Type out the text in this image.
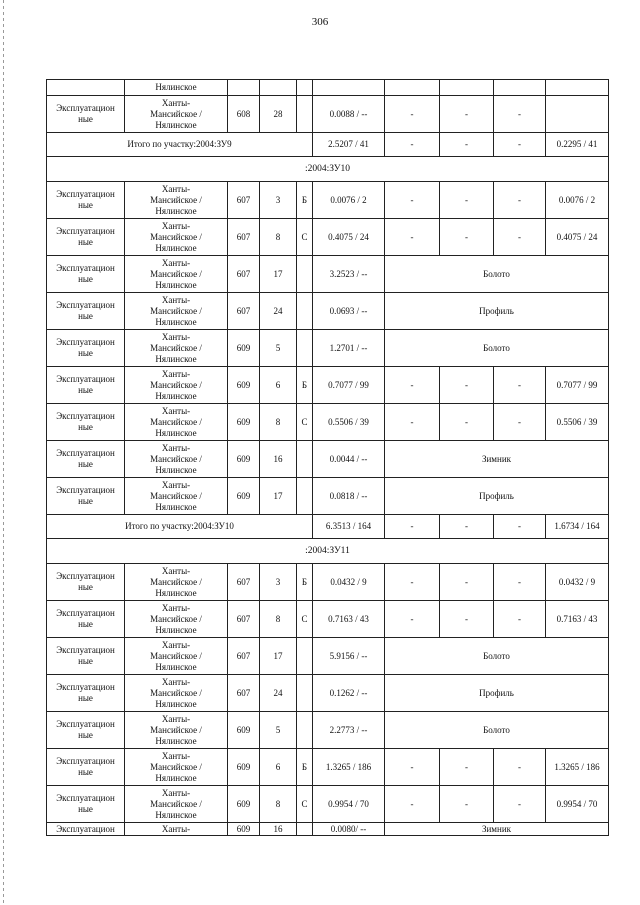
306
	Нялинское								
Эксплуатацион ные	Ханты-
Мансийское /
Нялинское	608	28		0.0088 / --	-	-	-	
Итого по участку:2004:ЗУ9					2.5207 / 41	-	-	-	0.2295 / 41
:2004:ЗУ10									
Эксплуатацион ные	Ханты-
Мансийское /
Нялинское	607	3	Б	0.0076 / 2	-	-	-	0.0076 / 2
Эксплуатацион ные	Ханты-
Мансийское /
Нялинское	607	8	С	0.4075 / 24	-	-	-	0.4075 / 24
Эксплуатацион ные	Ханты-
Мансийское /
Нялинское	607	17		3.2523 / --	Болото			
Эксплуатацион ные	Ханты-
Мансийское /
Нялинское	607	24		0.0693 / --	Профиль			
Эксплуатацион ные	Ханты-
Мансийское /
Нялинское	609	5		1.2701 / --	Болото			
Эксплуатацион ные	Ханты-
Мансийское /
Нялинское	609	6	Б	0.7077 / 99	-	-	-	0.7077 / 99
Эксплуатацион ные	Ханты-
Мансийское /
Нялинское	609	8	С	0.5506 / 39	-	-	-	0.5506 / 39
Эксплуатацион ные	Ханты-
Мансийское /
Нялинское	609	16		0.0044 / --	Зимник			
Эксплуатацион ные	Ханты-
Мансийское /
Нялинское	609	17		0.0818 / --	Профиль			
Итого по участку:2004:ЗУ10					6.3513 / 164	-	-	-	1.6734 / 164
:2004:ЗУ11									
Эксплуатацион ные	Ханты-
Мансийское /
Нялинское	607	3	Б	0.0432 / 9	-	-	-	0.0432 / 9
Эксплуатацион ные	Ханты-
Мансийское /
Нялинское	607	8	С	0.7163 / 43	-	-	-	0.7163 / 43
Эксплуатацион ные	Ханты-
Мансийское /
Нялинское	607	17		5.9156 / --	Болото			
Эксплуатацион ные	Ханты-
Мансийское /
Нялинское	607	24		0.1262 / --	Профиль			
Эксплуатацион ные	Ханты-
Мансийское /
Нялинское	609	5		2.2773 / --	Болото			
Эксплуатацион ные	Ханты-
Мансийское /
Нялинское	609	6	Б	1.3265 / 186	-	-	-	1.3265 / 186
Эксплуатацион ные	Ханты-
Мансийское /
Нялинское	609	8	С	0.9954 / 70	-	-	-	0.9954 / 70
Эксплуатацион	Ханты-	609	16		0.0080/ --	Зимник			
